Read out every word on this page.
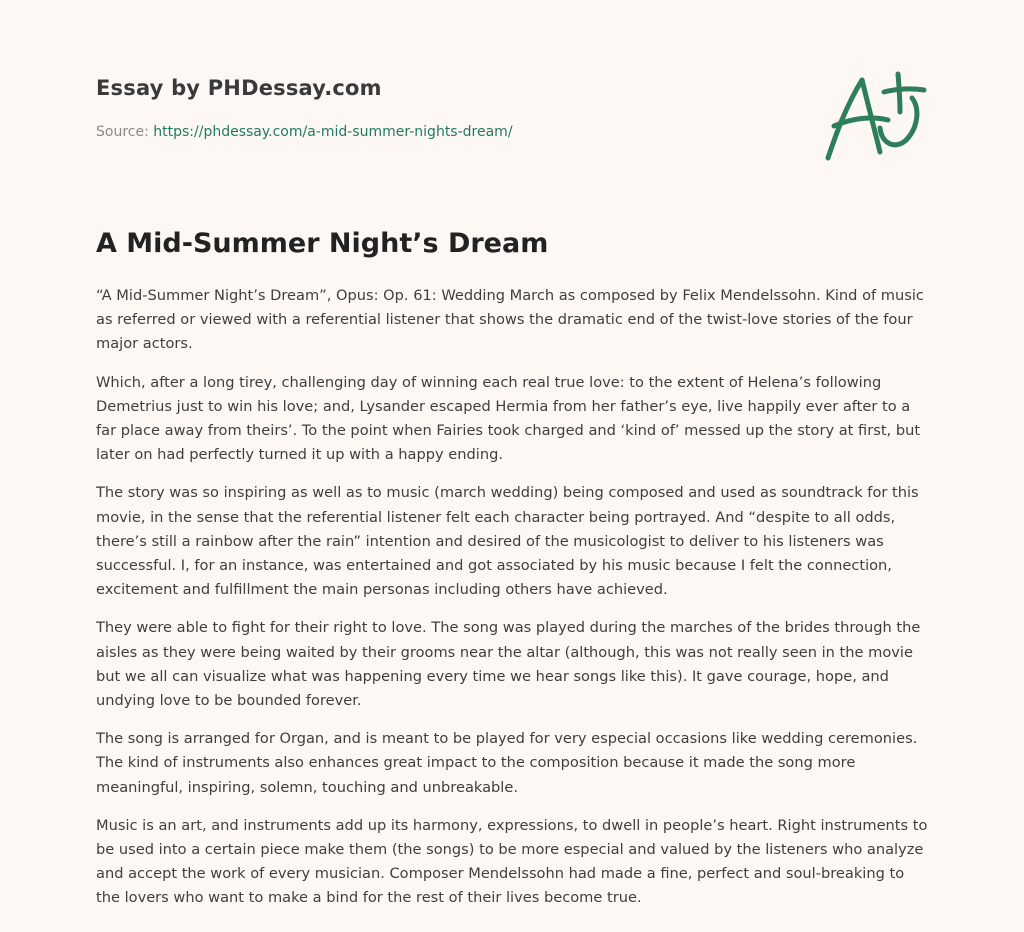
Essay by PHDessay.com
Source: https://phdessay.com/a-mid-summer-nights-dream/
A Mid-Summer Night’s Dream

“A Mid-Summer Night’s Dream”, Opus: Op. 61: Wedding March as composed by Felix Mendelssohn. Kind of music as referred or viewed with a referential listener that shows the dramatic end of the twist-love stories of the four major actors.

Which, after a long tirey, challenging day of winning each real true love: to the extent of Helena’s following Demetrius just to win his love; and, Lysander escaped Hermia from her father’s eye, live happily ever after to a far place away from theirs’. To the point when Fairies took charged and ‘kind of’ messed up the story at first, but later on had perfectly turned it up with a happy ending.

The story was so inspiring as well as to music (march wedding) being composed and used as soundtrack for this movie, in the sense that the referential listener felt each character being portrayed. And “despite to all odds, there’s still a rainbow after the rain” intention and desired of the musicologist to deliver to his listeners was successful. I, for an instance, was entertained and got associated by his music because I felt the connection, excitement and fulfillment the main personas including others have achieved.

They were able to fight for their right to love. The song was played during the marches of the brides through the aisles as they were being waited by their grooms near the altar (although, this was not really seen in the movie but we all can visualize what was happening every time we hear songs like this). It gave courage, hope, and undying love to be bounded forever.

The song is arranged for Organ, and is meant to be played for very especial occasions like wedding ceremonies. The kind of instruments also enhances great impact to the composition because it made the song more meaningful, inspiring, solemn, touching and unbreakable.

Music is an art, and instruments add up its harmony, expressions, to dwell in people’s heart. Right instruments to be used into a certain piece make them (the songs) to be more especial and valued by the listeners who analyze and accept the work of every musician. Composer Mendelssohn had made a fine, perfect and soul-breaking to the lovers who want to make a bind for the rest of their lives become true.
